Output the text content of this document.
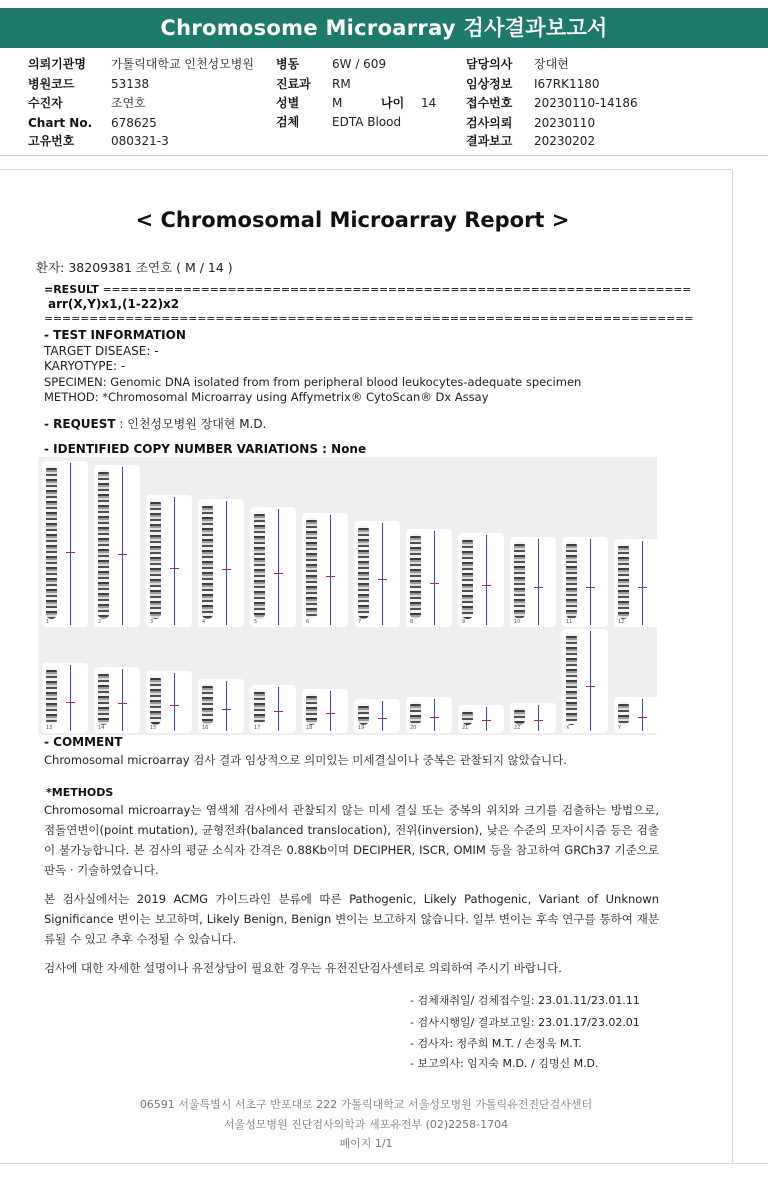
Chromosome Microarray 검사결과보고서
의뢰기관명 가톨릭대학교 인천성모병원
병원코드	53138
수진자	조연호
Chart No. 678625
고유번호	080321-3
병동	6W / 609
진료과 RM
성별	M	나이 14
검체	EDTA Blood
담당의사 장대현
임상정보 I67RK1180
접수번호 20230110-14186
검사의뢰 20230110
결과보고 20230202
< Chromosomal Microarray Report >
환자: 38209381 조연호 ( M / 14 )
=RESULT ==================================================================
arr(X,Y)x1,(1-22)x2
========================================================================
- TEST INFORMATION
TARGET DISEASE: -
KARYOTYPE: -
SPECIMEN: Genomic DNA isolated from from peripheral blood leukocytes-adequate specimen
METHOD: *Chromosomal Microarray using Affymetrix® CytoScan® Dx Assay
- REQUEST : 인천성모병원 장대현 M.D.
- IDENTIFIED COPY NUMBER VARIATIONS : None
1	2	3	4	5	6	7	8	9	10	11	12
13	14	15	16	17	18	19	20	21	22	X	Y
- COMMENT
Chromosomal microarray 검사 결과 임상적으로 의미있는 미세결실이나 중복은 관찰되지 않았습니다.
*METHODS
Chromosomal microarray는 염색체 검사에서 관찰되지 않는 미세 결실 또는 중복의 위치와 크기를 검출하는 방법으로, 점돌연변이(point mutation), 균형전좌(balanced translocation), 전위(inversion), 낮은 수준의 모자이시즘 등은 검출이 불가능합니다. 본 검사의 평균 소식자 간격은 0.88Kb이며 DECIPHER, ISCR, OMIM 등을 참고하여 GRCh37 기준으로 판독 · 기술하였습니다.
본 검사실에서는 2019 ACMG 가이드라인 분류에 따른 Pathogenic, Likely Pathogenic, Variant of Unknown Significance 변이는 보고하며, Likely Benign, Benign 변이는 보고하지 않습니다. 일부 변이는 후속 연구를 통하여 재분류될 수 있고 추후 수정될 수 있습니다.
검사에 대한 자세한 설명이나 유전상담이 필요한 경우는 유전진단검사센터로 의뢰하여 주시기 바랍니다.
- 검체채취일/ 검체접수일: 23.01.11/23.01.11
- 검사시행일/ 결과보고일: 23.01.17/23.02.01
- 검사자: 정주희 M.T. / 손정욱 M.T.
- 보고의사: 임지숙 M.D. / 김명신 M.D.
06591 서울특별시 서초구 반포대로 222 가톨릭대학교 서울성모병원 가톨릭유전진단검사센터
서울성모병원 진단검사의학과 세포유전부 (02)2258-1704
페이지 1/1
